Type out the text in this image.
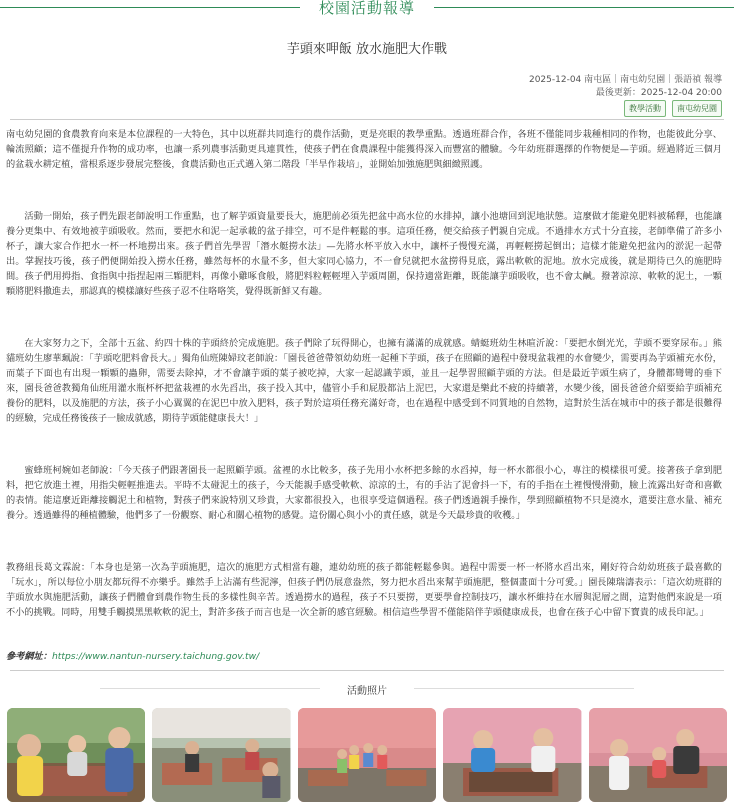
校園活動報導
芋頭來呷飯 放水施肥大作戰
2025-12-04 南屯區｜南屯幼兒園｜張語禎 報導
最後更新：2025-12-04 20:00
教學活動	南屯幼兒園

南屯幼兒園的食農教育向來是本位課程的一大特色，其中以班群共同進行的農作活動，更是亮眼的教學重點。透過班群合作，各班不僅能同步栽種相同的作物，也能彼此分享、輪流照顧；這不僅提升作物的成功率，也讓一系列農事活動更具連貫性，使孩子們在食農課程中能獲得深入而豐富的體驗。今年幼班群選擇的作物便是—芋頭。經過將近三個月的盆栽水耕定植，當根系逐步發展完整後，食農活動也正式邁入第二階段「半旱作栽培」，並開始加強施肥與細緻照護。

活動一開始，孩子們先跟老師說明工作重點，也了解芋頭資量要長大，施肥前必須先把盆中高水位的水排掉，讓小池塘回到泥地狀態。這麼做才能避免肥料被稀釋，也能讓養分更集中、有效地被芋頭吸收。然而，要把水和泥一起承載的盆子排空，可不是件輕鬆的事。這項任務，便交給孩子們親自完成。不過排水方式十分直接，老師準備了許多小杯子，讓大家合作把水一杯一杯地撈出來。孩子們首先學習「潛水艇撈水法」—先將水杯平放入水中，讓杯子慢慢充滿，再輕輕撈起倒出；這樣才能避免把盆內的淤泥一起帶出。掌握技巧後，孩子們便開始投入撈水任務，雖然每杯的水量不多，但大家同心協力，不一會兒就把水盆撈得見底，露出軟軟的泥地。放水完成後，就是期待已久的施肥時間。孩子們用拇指、食指與中指捏起兩三顆肥料，再像小雞啄食般，將肥料粒輕輕埋入芋頭周圍，保持適當距離，既能讓芋頭吸收，也不會太鹹。撥著涼涼、軟軟的泥土，一顆顆將肥料撒進去，那認真的模樣讓好些孩子忍不住咯咯笑，覺得既新鮮又有趣。

在大家努力之下，全部十五盆、約四十株的芋頭終於完成施肥。孩子們除了玩得開心，也擁有滿滿的成就感。蜻蜓班幼生林暄沂說：「要把水倒光光，芋頭不要穿尿布。」熊貓班幼生廖華珮說：「芋頭吃肥料會長大。」獨角仙班陳婦玟老師說：「園長爸爸帶領幼幼班一起種下芋頭，孩子在照顧的過程中發現盆栽裡的水會變少，需要再為芋頭補充水份，而葉子下面也有出現一顆顆的蟲卵，需要去除掉，才不會讓芋頭的葉子被吃掉，大家一起認識芋頭，並且一起學習照顧芋頭的方法。但是最近芋頭生病了，身體都彎彎的垂下來，園長爸爸教獨角仙班用灌水瓶杯杯把盆栽裡的水先舀出，孩子投入其中，儘管小手和屁股都沾上泥巴，大家還是樂此不疲的持續著，水變少後，園長爸爸介紹要給芋頭補充養份的肥料，以及施肥的方法，孩子小心翼翼的在泥巴中放入肥料，孩子對於這項任務充滿好奇，也在過程中感受到不同質地的自然物，這對於生活在城市中的孩子都是很難得的經驗，完成任務後孩子一臉成就感，期待芋頭能健康長大！」

蜜蜂班柯婉如老師說：「今天孩子們跟著園長一起照顧芋頭。盆裡的水比較多，孩子先用小水杯把多餘的水舀掉，每一杯水都很小心，專注的模樣很可愛。接著孩子拿到肥料，把它放進土裡，用指尖輕輕推進去。平時不太碰泥土的孩子，今天能親手感受軟軟、涼涼的土，有的手沾了泥會抖一下，有的手指在土裡慢慢滑動，臉上流露出好奇和喜歡的表情。能這麼近距離接觸泥土和植物，對孩子們來說特別又珍貴，大家都很投入，也很享受這個過程。孩子們透過親手操作，學到照顧植物不只是澆水，還要注意水量、補充養分。透過雖得的種植體驗，他們多了一份觀察、耐心和關心植物的感覺。這份關心與小小的責任感，就是今天最珍貴的收穫。」

教務組長葛文霖說：「本身也是第一次為芋頭施肥，這次的施肥方式相當有趣，連幼幼班的孩子都能輕鬆參與。過程中需要一杯一杯將水舀出來，剛好符合幼幼班孩子最喜歡的「玩水」，所以每位小朋友都玩得不亦樂乎。雖然手上沾滿有些泥濘，但孩子們仍展意盎然，努力把水舀出來幫芋頭施肥，整個畫面十分可愛。」園長陳瑞濤表示：「這次幼班群的芋頭放水與施肥活動，讓孩子們體會到農作物生長的多樣性與辛苦。透過撈水的過程，孩子不只要撈，更要學會控制技巧，讓水杯維持在水層與泥層之間，這對他們來說是一項不小的挑戰。同時，用雙手觸摸黑黑軟軟的泥土，對許多孩子而言也是一次全新的感官經驗。相信這些學習不僅能陪伴芋頭健康成長，也會在孩子心中留下寶貴的成長印記。」

參考網址：https://www.nantun-nursery.taichung.gov.tw/
活動照片
